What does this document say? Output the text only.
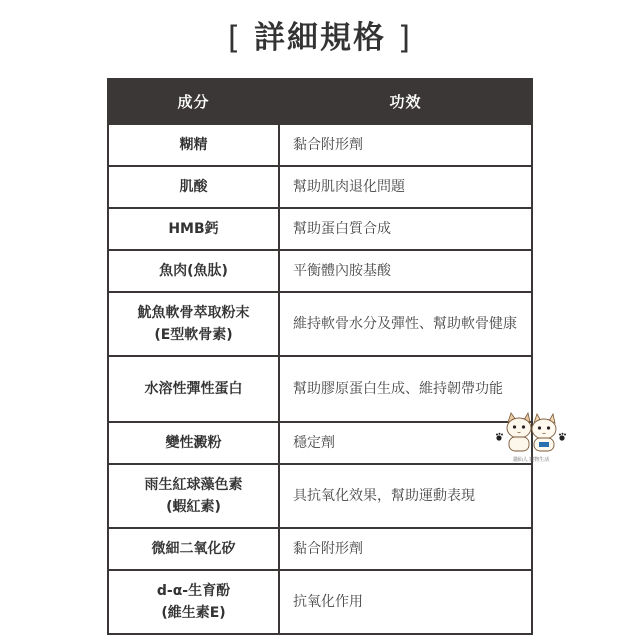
[ 詳細規格 ]
成分	功效

糊精	黏合附形劑

肌酸	幫助肌肉退化問題

HMB鈣	幫助蛋白質合成

魚肉(魚肽)	平衡體內胺基酸

魷魚軟骨萃取粉末
(E型軟骨素)	維持軟骨水分及彈性、幫助軟骨健康

水溶性彈性蛋白	幫助膠原蛋白生成、維持韌帶功能

變性澱粉	穩定劑

雨生紅球藻色素
(蝦紅素)	具抗氧化效果，幫助運動表現

微細二氧化矽	黏合附形劑

d-α-生育酚
(維生素E)	抗氧化作用
貓仙人 寵物生活
